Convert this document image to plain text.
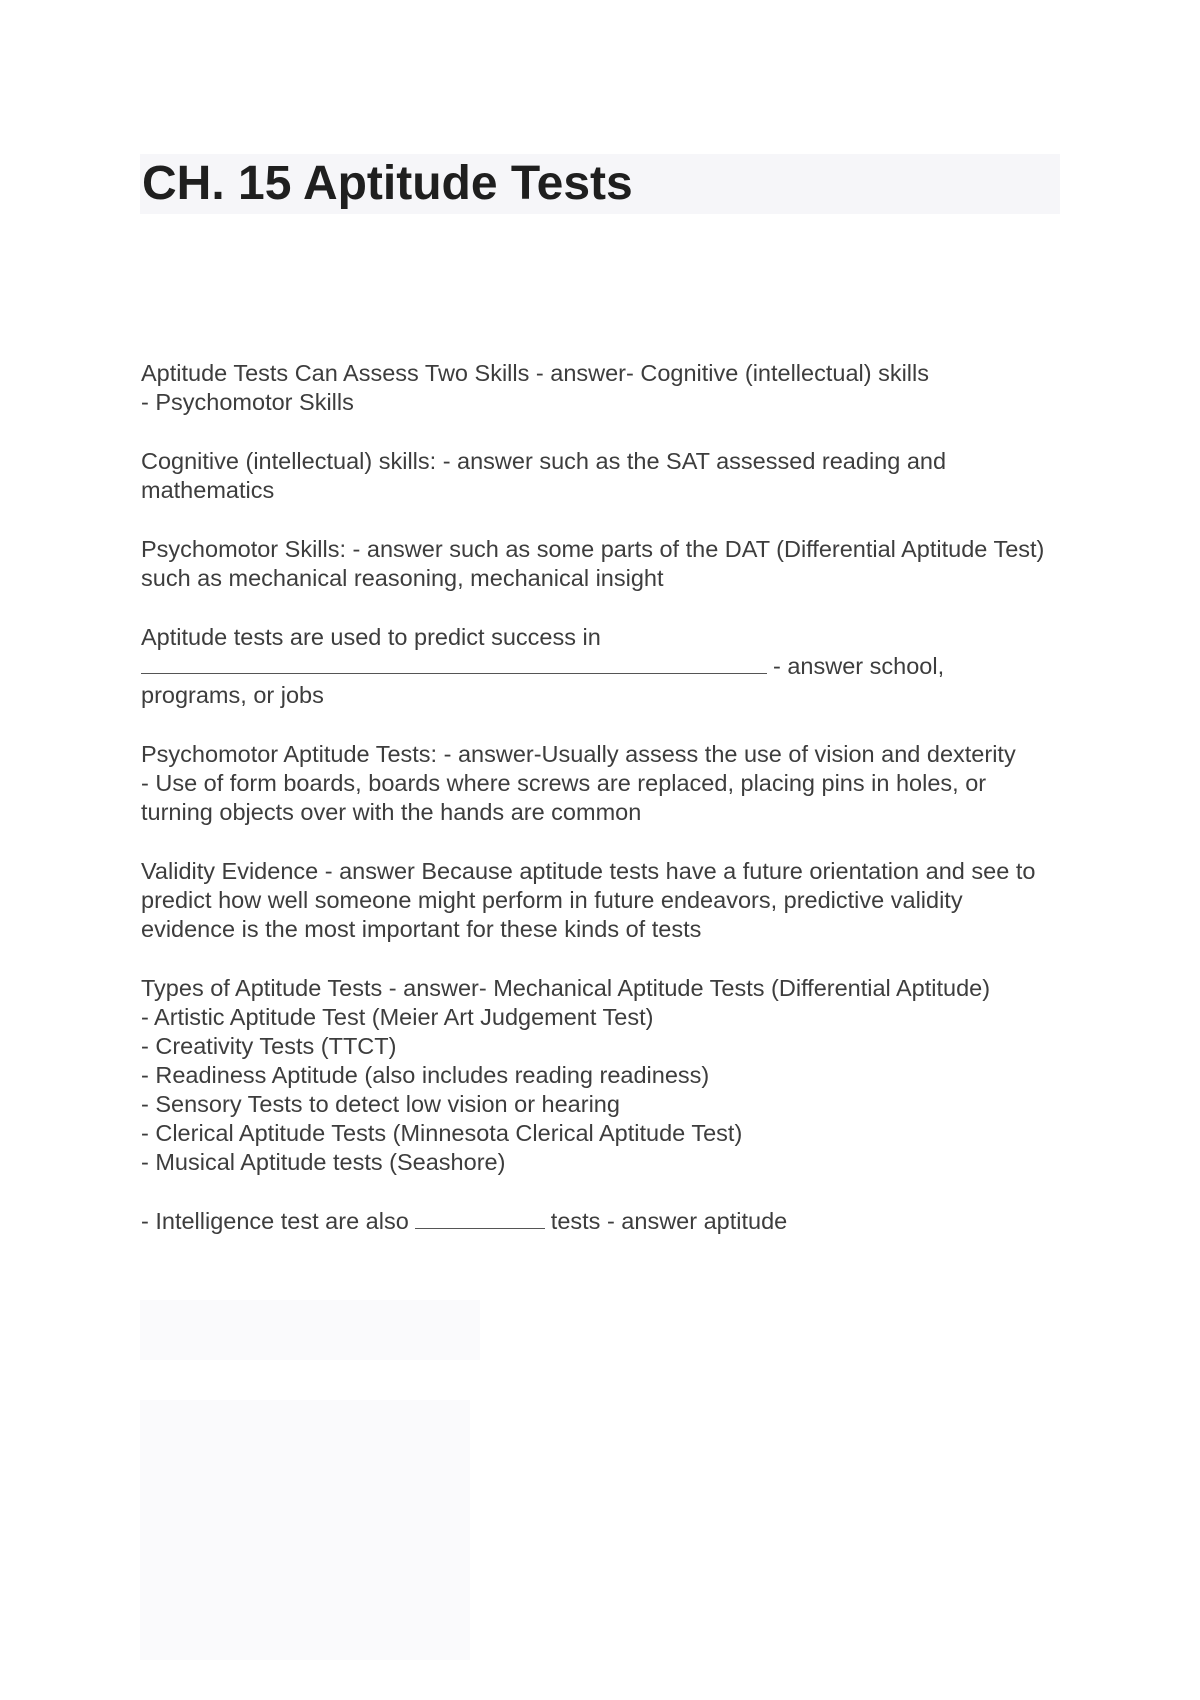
CH. 15 Aptitude Tests
Aptitude Tests Can Assess Two Skills - answer- Cognitive (intellectual) skills
- Psychomotor Skills
Cognitive (intellectual) skills: - answer such as the SAT assessed reading and
mathematics
Psychomotor Skills: - answer such as some parts of the DAT (Differential Aptitude Test)
such as mechanical reasoning, mechanical insight
Aptitude tests are used to predict success in
- answer school,
programs, or jobs
Psychomotor Aptitude Tests: - answer-Usually assess the use of vision and dexterity
- Use of form boards, boards where screws are replaced, placing pins in holes, or
turning objects over with the hands are common
Validity Evidence - answer Because aptitude tests have a future orientation and see to
predict how well someone might perform in future endeavors, predictive validity
evidence is the most important for these kinds of tests
Types of Aptitude Tests - answer- Mechanical Aptitude Tests (Differential Aptitude)
- Artistic Aptitude Test (Meier Art Judgement Test)
- Creativity Tests (TTCT)
- Readiness Aptitude (also includes reading readiness)
- Sensory Tests to detect low vision or hearing
- Clerical Aptitude Tests (Minnesota Clerical Aptitude Test)
- Musical Aptitude tests (Seashore)
- Intelligence test are also	tests - answer aptitude
